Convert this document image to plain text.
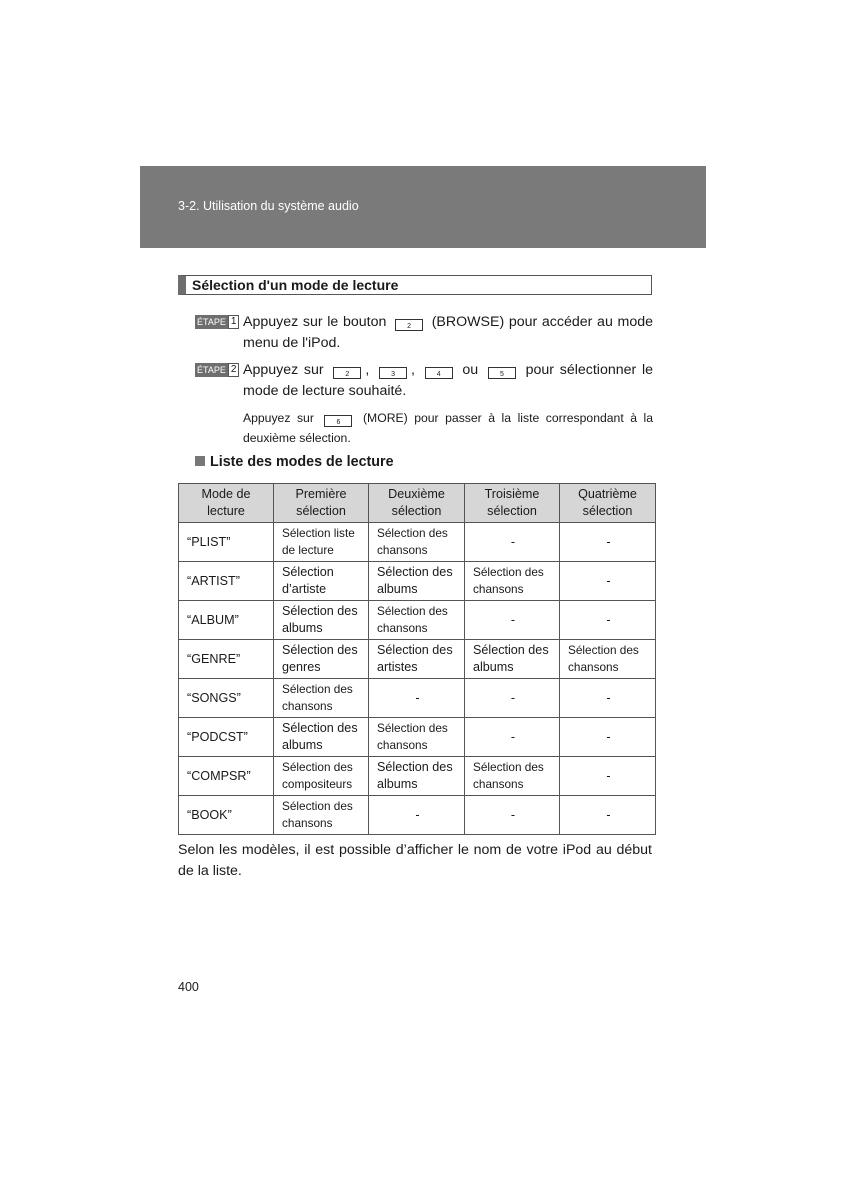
3-2. Utilisation du système audio
Sélection d'un mode de lecture
ÉTAPE 1 Appuyez sur le bouton	2 (BROWSE) pour accéder au mode menu de l'iPod.
ÉTAPE 2 Appuyez sur	2 ,	3 ,	4 ou	5 pour sélectionner le mode de lecture souhaité.
Appuyez sur	6 (MORE) pour passer à la liste correspondant à la deuxième sélection.
Liste des modes de lecture
Mode de lecture	Première sélection	Deuxième sélection	Troisième sélection	Quatrième sélection
“PLIST”	Sélection liste de lecture	Sélection des chansons	-	-
“ARTIST”	Sélection d’artiste	Sélection des albums	Sélection des chansons	-
“ALBUM”	Sélection des albums	Sélection des chansons	-	-
“GENRE”	Sélection des genres	Sélection des artistes	Sélection des albums	Sélection des chansons
“SONGS”	Sélection des chansons	-	-	-
“PODCST”	Sélection des albums	Sélection des chansons	-	-
“COMPSR”	Sélection des compositeurs	Sélection des albums	Sélection des chansons	-
“BOOK”	Sélection des chansons	-	-	-
Selon les modèles, il est possible d’afficher le nom de votre iPod au début de la liste.
400
